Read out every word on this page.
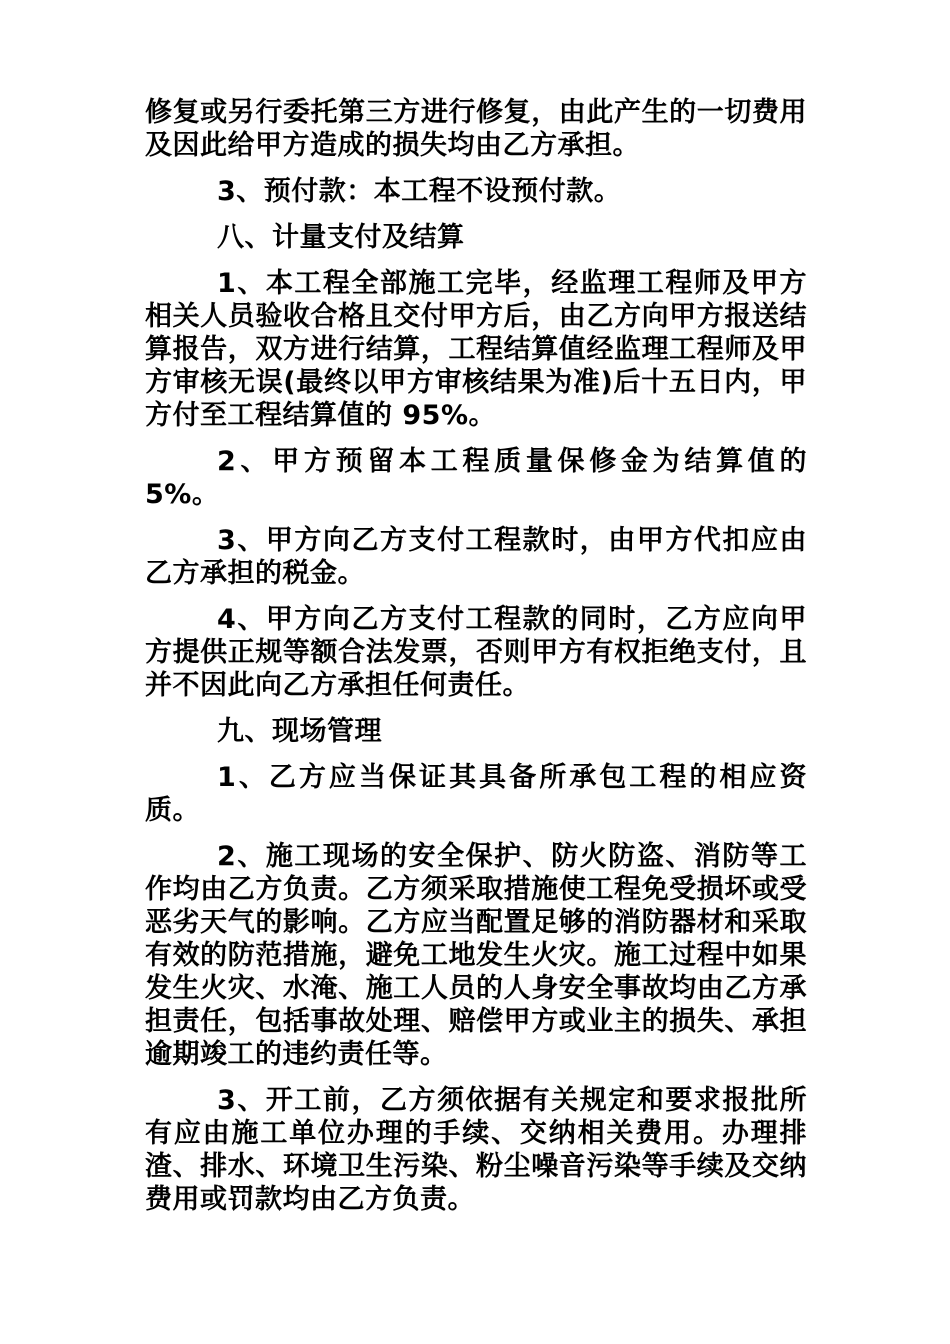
修复或另行委托第三方进行修复，由此产生的一切费用及因此给甲方造成的损失均由乙方承担。

3、预付款：本工程不设预付款。

八、计量支付及结算

1、本工程全部施工完毕，经监理工程师及甲方相关人员验收合格且交付甲方后，由乙方向甲方报送结算报告，双方进行结算，工程结算值经监理工程师及甲方审核无误(最终以甲方审核结果为准)后十五日内，甲方付至工程结算值的 95%。

2、甲方预留本工程质量保修金为结算值的 5%。

3、甲方向乙方支付工程款时，由甲方代扣应由乙方承担的税金。

4、甲方向乙方支付工程款的同时，乙方应向甲方提供正规等额合法发票，否则甲方有权拒绝支付，且并不因此向乙方承担任何责任。

九、现场管理

1、乙方应当保证其具备所承包工程的相应资质。

2、施工现场的安全保护、防火防盗、消防等工作均由乙方负责。乙方须采取措施使工程免受损坏或受恶劣天气的影响。乙方应当配置足够的消防器材和采取有效的防范措施，避免工地发生火灾。施工过程中如果发生火灾、水淹、施工人员的人身安全事故均由乙方承担责任，包括事故处理、赔偿甲方或业主的损失、承担逾期竣工的违约责任等。

3、开工前，乙方须依据有关规定和要求报批所有应由施工单位办理的手续、交纳相关费用。办理排渣、排水、环境卫生污染、粉尘噪音污染等手续及交纳费用或罚款均由乙方负责。
